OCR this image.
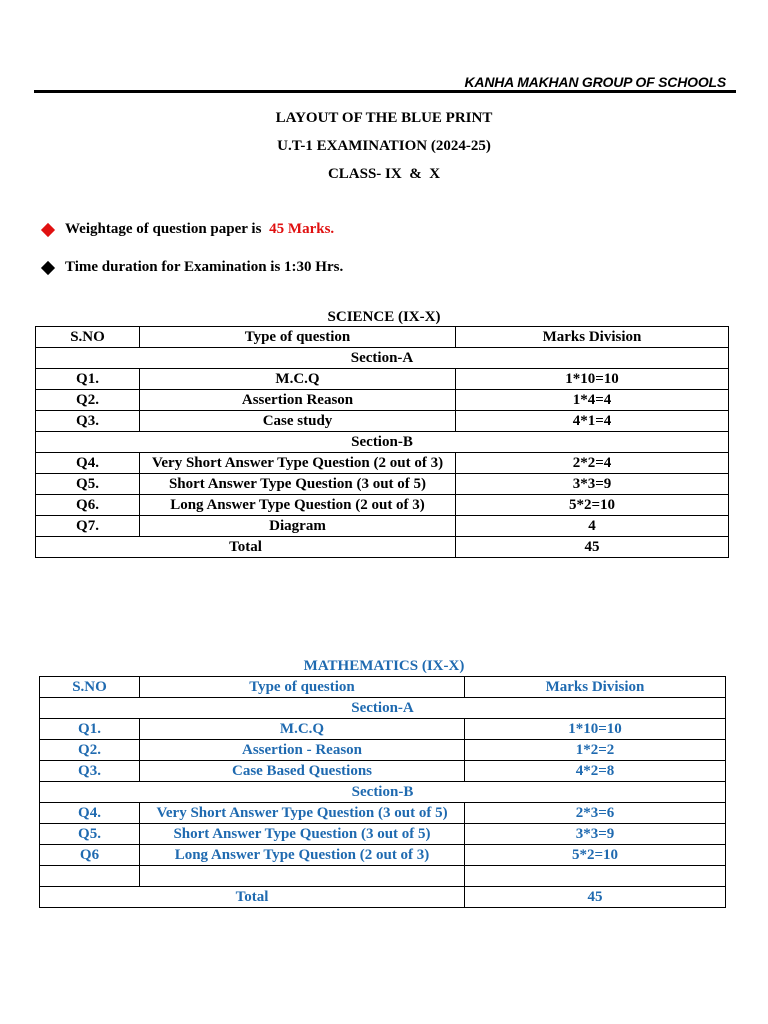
KANHA MAKHAN GROUP OF SCHOOLS
LAYOUT OF THE BLUE PRINT
U.T-1 EXAMINATION (2024-25)
CLASS- IX  &  X
Weightage of question paper is 45 Marks.
Time duration for Examination is 1:30 Hrs.
SCIENCE (IX-X)
S.NO	Type of question	Marks Division
Section-A		
Q1.	M.C.Q	1*10=10
Q2.	Assertion Reason	1*4=4
Q3.	Case study	4*1=4
Section-B		
Q4.	Very Short Answer Type Question (2 out of 3)	2*2=4
Q5.	Short Answer Type Question (3 out of 5)	3*3=9
Q6.	Long Answer Type Question (2 out of 3)	5*2=10
Q7.	Diagram	4
Total		45
MATHEMATICS (IX-X)
S.NO	Type of question	Marks Division
Section-A		
Q1.	M.C.Q	1*10=10
Q2.	Assertion - Reason	1*2=2
Q3.	Case Based Questions	4*2=8
Section-B		
Q4.	Very Short Answer Type Question (3 out of 5)	2*3=6
Q5.	Short Answer Type Question (3 out of 5)	3*3=9
Q6	Long Answer Type Question (2 out of 3)	5*2=10

Total		45
